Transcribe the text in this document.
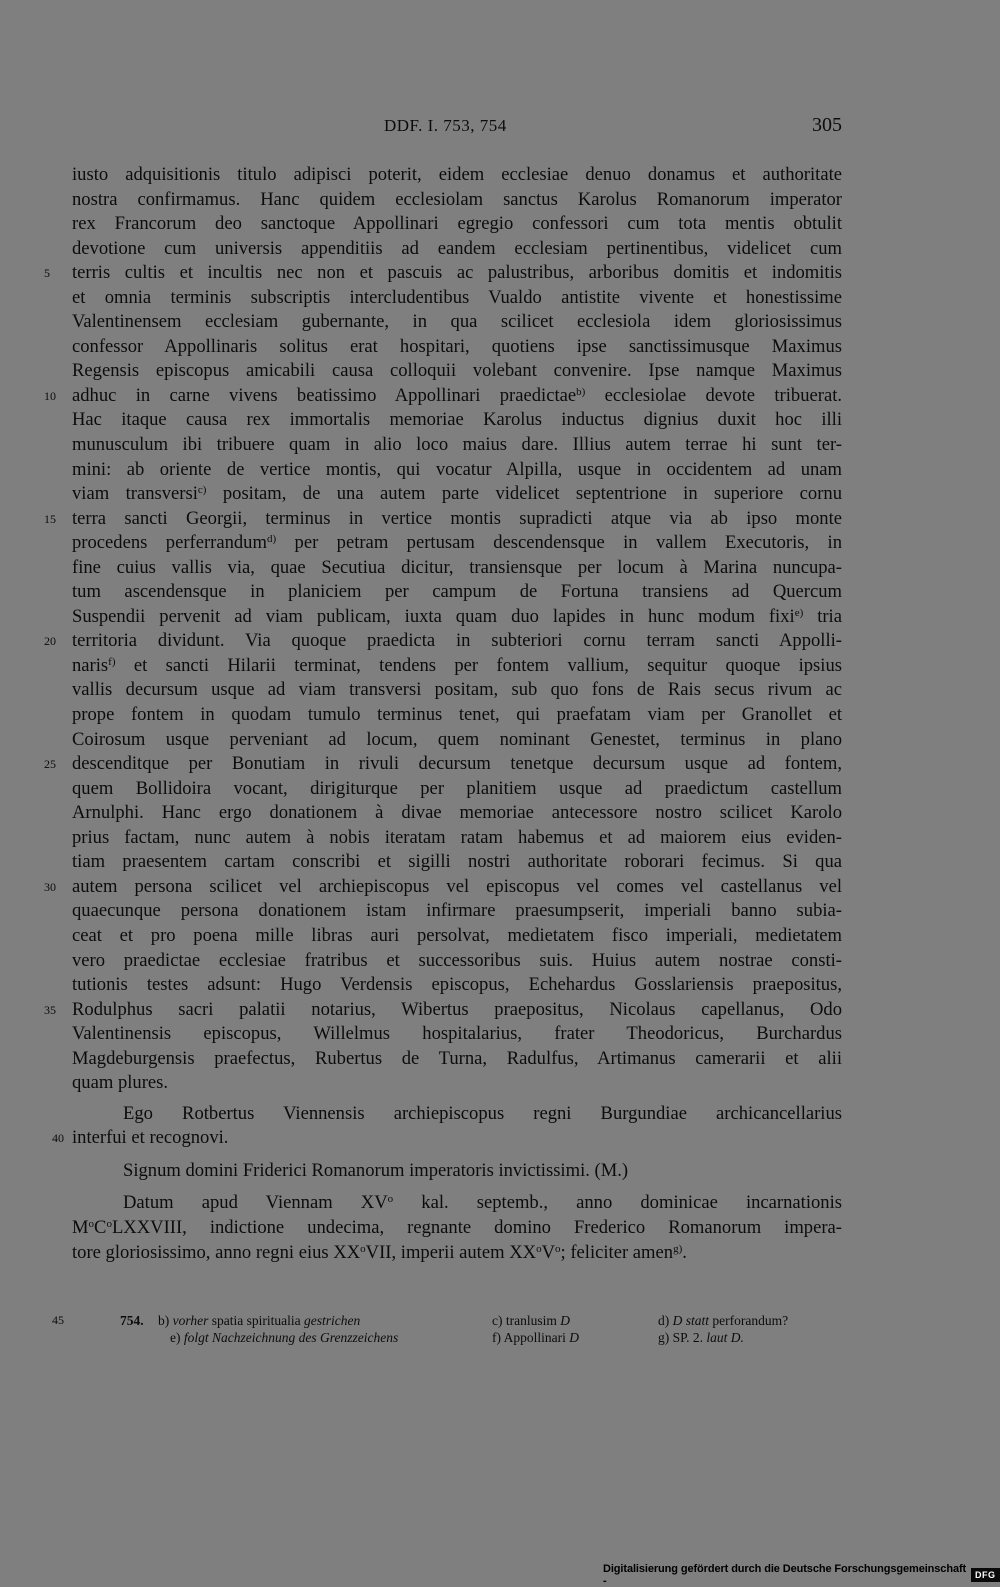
DDF. I. 753, 754	305
iusto adquisitionis titulo adipisci poterit, eidem ecclesiae denuo donamus et authoritate
nostra confirmamus. Hanc quidem ecclesiolam sanctus Karolus Romanorum imperator
rex Francorum deo sanctoque Appollinari egregio confessori cum tota mentis obtulit
devotione cum universis appenditiis ad eandem ecclesiam pertinentibus, videlicet cum
5	terris cultis et incultis nec non et pascuis ac palustribus, arboribus domitis et indomitis
et omnia terminis subscriptis intercludentibus Vualdo antistite vivente et honestissime
Valentinensem ecclesiam gubernante, in qua scilicet ecclesiola idem gloriosissimus
confessor Appollinaris solitus erat hospitari, quotiens ipse sanctissimusque Maximus
Regensis episcopus amicabili causa colloquii volebant convenire. Ipse namque Maximus
10 adhuc in carne vivens beatissimo Appollinari praedictae$^{b)}$ ecclesiolae devote tribuerat.
Hac itaque causa rex immortalis memoriae Karolus inductus dignius duxit hoc illi
munusculum ibi tribuere quam in alio loco maius dare. Illius autem terrae hi sunt ter-
mini: ab oriente de vertice montis, qui vocatur Alpilla, usque in occidentem ad unam
viam transversi$^{c)}$ positam, de una autem parte videlicet septentrione in superiore cornu
15 terra sancti Georgii, terminus in vertice montis supradicti atque via ab ipso monte
procedens perferrandum$^{d)}$ per petram pertusam descendensque in vallem Executoris, in
fine cuius vallis via, quae Secutiua dicitur, transiensque per locum à Marina nuncupa-
tum ascendensque in planiciem per campum de Fortuna transiens ad Quercum
Suspendii pervenit ad viam publicam, iuxta quam duo lapides in hunc modum fixi$^{e)}$ tria
20 territoria dividunt. Via quoque praedicta in subteriori cornu terram sancti Appolli-
naris$^{f)}$ et sancti Hilarii terminat, tendens per fontem vallium, sequitur quoque ipsius
vallis decursum usque ad viam transversi positam, sub quo fons de Rais secus rivum ac
prope fontem in quodam tumulo terminus tenet, qui praefatam viam per Granollet et
Coirosum usque perveniant ad locum, quem nominant Genestet, terminus in plano
25 descenditque per Bonutiam in rivuli decursum tenetque decursum usque ad fontem,
quem Bollidoira vocant, dirigiturque per planitiem usque ad praedictum castellum
Arnulphi. Hanc ergo donationem à divae memoriae antecessore nostro scilicet Karolo
prius factam, nunc autem à nobis iteratam ratam habemus et ad maiorem eius eviden-
tiam praesentem cartam conscribi et sigilli nostri authoritate roborari fecimus. Si qua
30 autem persona scilicet vel archiepiscopus vel episcopus vel comes vel castellanus vel
quaecunque persona donationem istam infirmare praesumpserit, imperiali banno subia-
ceat et pro poena mille libras auri persolvat, medietatem fisco imperiali, medietatem
vero praedictae ecclesiae fratribus et successoribus suis. Huius autem nostrae consti-
tutionis testes adsunt: Hugo Verdensis episcopus, Echehardus Gosslariensis praepositus,
35 Rodulphus sacri palatii notarius, Wibertus praepositus, Nicolaus capellanus, Odo
Valentinensis episcopus, Willelmus hospitalarius, frater Theodoricus, Burchardus
Magdeburgensis praefectus, Rubertus de Turna, Radulfus, Artimanus camerarii et alii
quam plures.
Ego Rotbertus Viennensis archiepiscopus regni Burgundiae archicancellarius
40 interfui et recognovi.
Signum domini Friderici Romanorum imperatoris invictissimi. (M.)
Datum apud Viennam $XV^o$ kal. septemb., anno dominicae incarnationis
$M^oC^oLXXVIII$, indictione undecima, regnante domino Frederico Romanorum impera-
tore gloriosissimo, anno regni eius $XX^oVII$, imperii autem $XX^oV^o$; feliciter amen$^{g)}$.
45	754. b) vorher spatia spiritualia gestrichen	c) tranlusim D	d) D statt perforandum?
e) folgt Nachzeichnung des Grenzzeichens	f) Appollinari D	g) SP. 2. laut D.
Digitalisierung gefördert durch die Deutsche Forschungsgemeinschaft -	DFG
